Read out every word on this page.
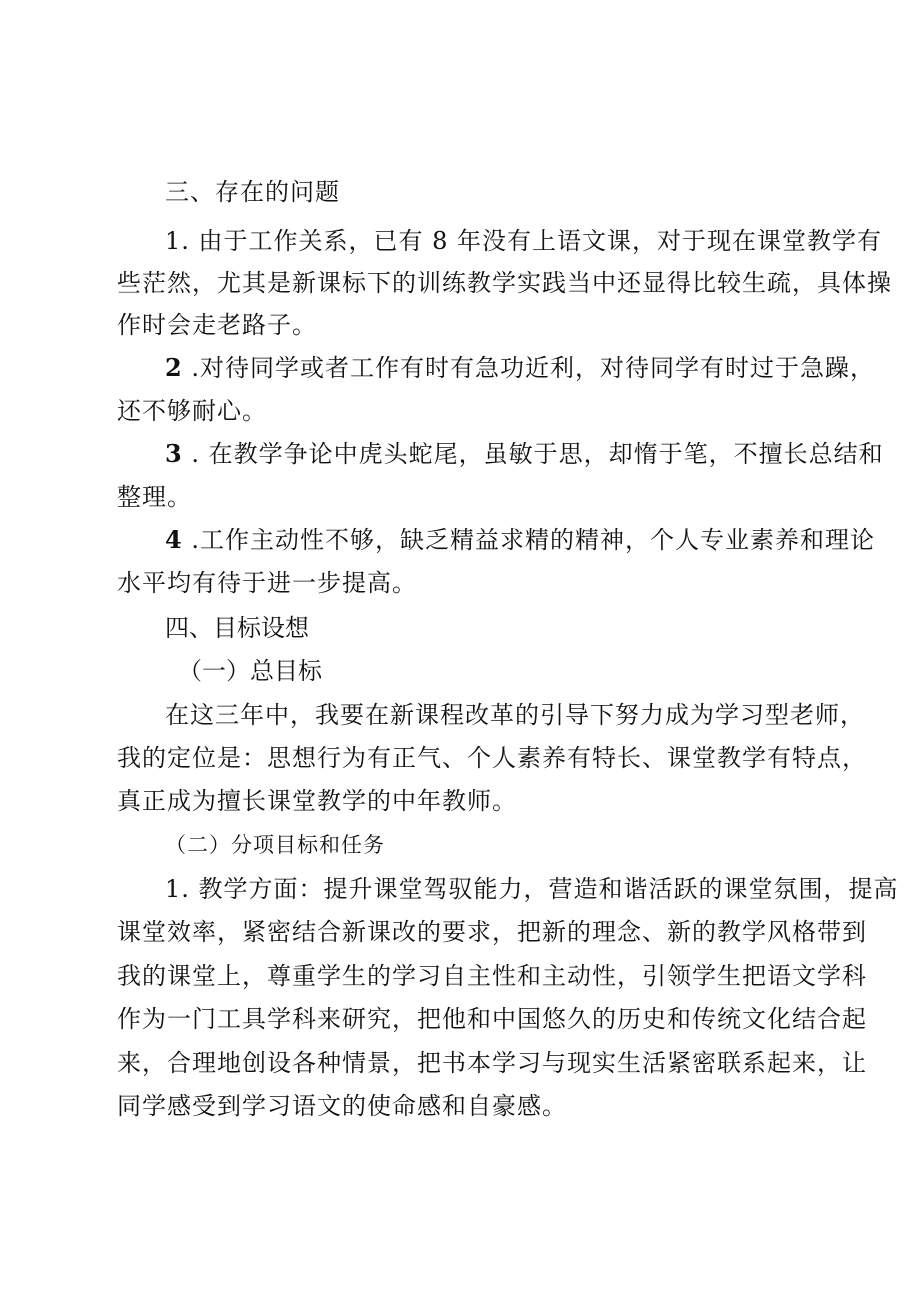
三、存在的问题
1. 由于工作关系，已有 8 年没有上语文课，对于现在课堂教学有
些茫然，尤其是新课标下的训练教学实践当中还显得比较生疏，具体操
作时会走老路子。
2 .对待同学或者工作有时有急功近利，对待同学有时过于急躁，
还不够耐心。
3 . 在教学争论中虎头蛇尾，虽敏于思，却惰于笔，不擅长总结和
整理。
4 .工作主动性不够，缺乏精益求精的精神，个人专业素养和理论
水平均有待于进一步提高。
四、目标设想
（一）总目标
在这三年中，我要在新课程改革的引导下努力成为学习型老师，
我的定位是：思想行为有正气、个人素养有特长、课堂教学有特点，
真正成为擅长课堂教学的中年教师。
（二）分项目标和任务
1. 教学方面：提升课堂驾驭能力，营造和谐活跃的课堂氛围，提高
课堂效率，紧密结合新课改的要求，把新的理念、新的教学风格带到
我的课堂上，尊重学生的学习自主性和主动性，引领学生把语文学科
作为一门工具学科来研究，把他和中国悠久的历史和传统文化结合起
来，合理地创设各种情景，把书本学习与现实生活紧密联系起来，让
同学感受到学习语文的使命感和自豪感。
